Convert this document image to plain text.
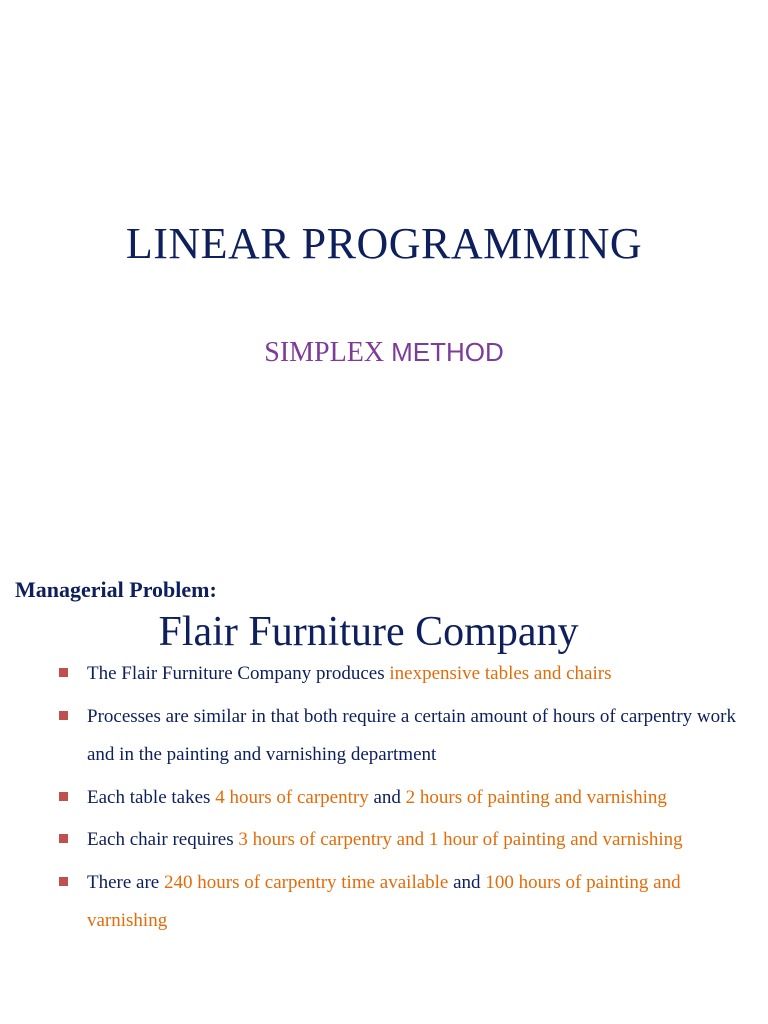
LINEAR PROGRAMMING
SIMPLEX METHOD
Managerial Problem:
Flair Furniture Company
The Flair Furniture Company produces inexpensive tables and chairs
Processes are similar in that both require a certain amount of hours of carpentry work and in the painting and varnishing department
Each table takes 4 hours of carpentry and 2 hours of painting and varnishing
Each chair requires 3 hours of carpentry and 1 hour of painting and varnishing
There are 240 hours of carpentry time available and 100 hours of painting and varnishing
